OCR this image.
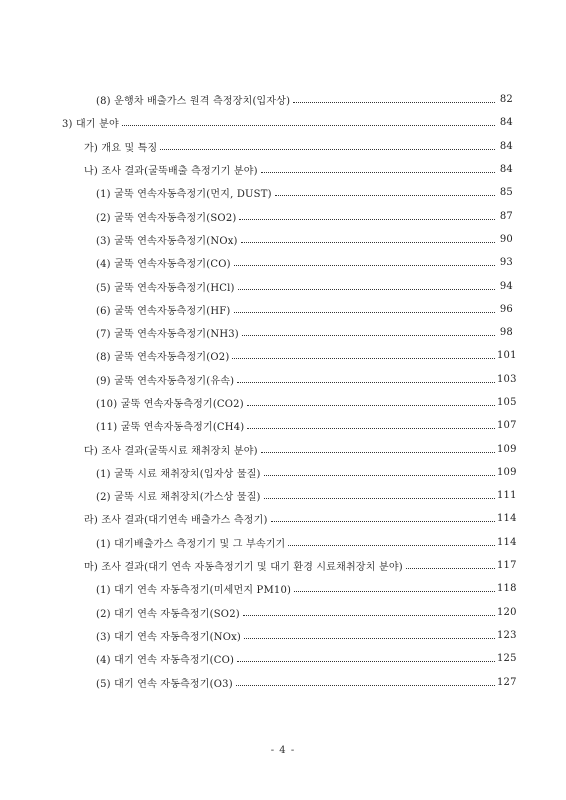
(8) 운행차 배출가스 원격 측정장치(입자상)	82
3) 대기 분야	84
가) 개요 및 특징	84
나) 조사 결과(굴뚝배출 측정기기 분야)	84
(1) 굴뚝 연속자동측정기(먼지, DUST)	85
(2) 굴뚝 연속자동측정기(SO2)	87
(3) 굴뚝 연속자동측정기(NOx)	90
(4) 굴뚝 연속자동측정기(CO)	93
(5) 굴뚝 연속자동측정기(HCl)	94
(6) 굴뚝 연속자동측정기(HF)	96
(7) 굴뚝 연속자동측정기(NH3)	98
(8) 굴뚝 연속자동측정기(O2)	101
(9) 굴뚝 연속자동측정기(유속)	103
(10) 굴뚝 연속자동측정기(CO2)	105
(11) 굴뚝 연속자동측정기(CH4)	107
다) 조사 결과(굴뚝시료 채취장치 분야)	109
(1) 굴뚝 시료 채취장치(입자상 물질)	109
(2) 굴뚝 시료 채취장치(가스상 물질)	111
라) 조사 결과(대기연속 배출가스 측정기)	114
(1) 대기배출가스 측정기기 및 그 부속기기	114
마) 조사 결과(대기 연속 자동측정기기 및 대기 환경 시료채취장치 분야)	117
(1) 대기 연속 자동측정기(미세먼지 PM10)	118
(2) 대기 연속 자동측정기(SO2)	120
(3) 대기 연속 자동측정기(NOx)	123
(4) 대기 연속 자동측정기(CO)	125
(5) 대기 연속 자동측정기(O3)	127
- 4 -
